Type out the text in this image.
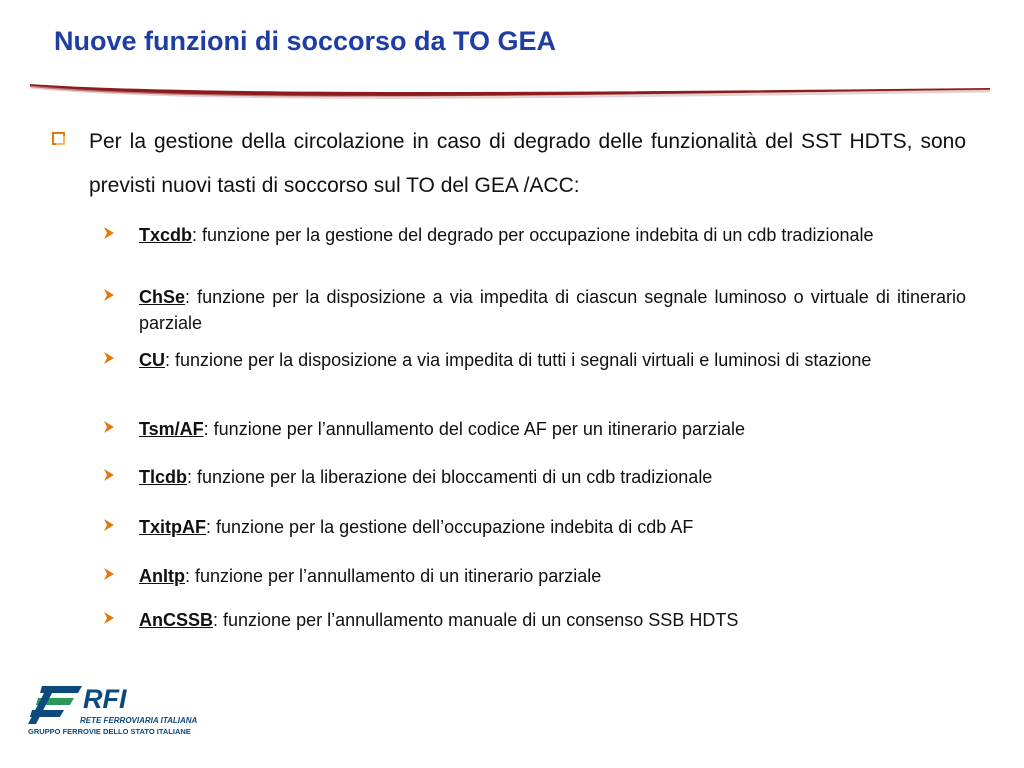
Nuove funzioni di soccorso da TO GEA
Per la gestione della circolazione in caso di degrado delle funzionalità del SST HDTS, sono previsti nuovi tasti di soccorso sul TO del GEA /ACC:
Txcdb: funzione per la gestione del degrado per occupazione indebita di un cdb tradizionale
ChSe: funzione per la disposizione a via impedita di ciascun segnale luminoso o virtuale di itinerario parziale
CU: funzione per la disposizione a via impedita di tutti i segnali virtuali e luminosi di stazione
Tsm/AF: funzione per l’annullamento del codice AF per un itinerario parziale
Tlcdb: funzione per la liberazione dei bloccamenti di un cdb tradizionale
TxitpAF: funzione per la gestione dell’occupazione indebita di cdb AF
AnItp: funzione per l’annullamento di un itinerario parziale
AnCSSB: funzione per l’annullamento manuale di un consenso SSB HDTS
RFI
RETE FERROVIARIA ITALIANA
GRUPPO FERROVIE DELLO STATO ITALIANE
